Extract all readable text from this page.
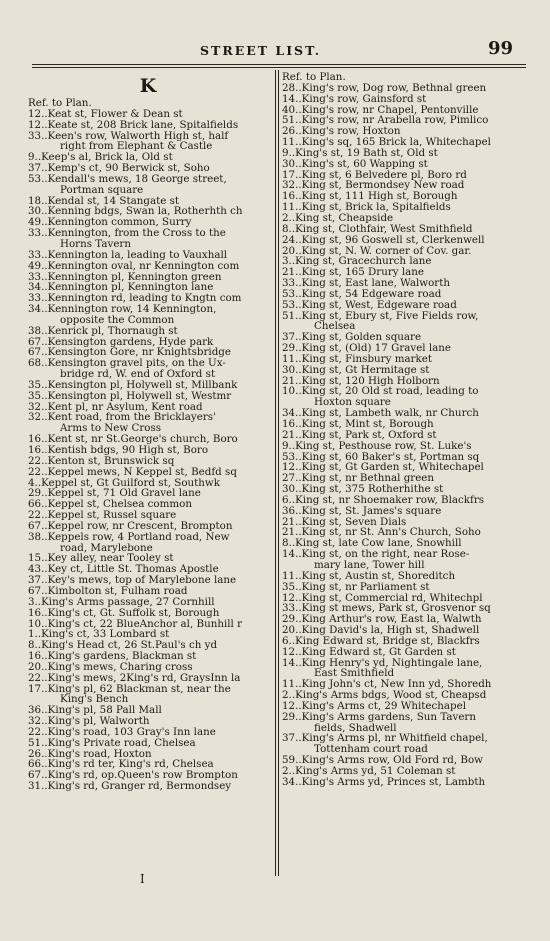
STREET LIST.	99
K
Ref. to Plan.
12..Keat st, Flower & Dean st
12..Keate st, 208 Brick lane, Spitalfields
33..Keen's row, Walworth High st, half
right from Elephant & Castle
9..Keep's al, Brick la, Old st
37..Kemp's ct, 90 Berwick st, Soho
53..Kendall's mews, 18 George street,
Portman square
18..Kendal st, 14 Stangate st
30..Kenning bdgs, Swan la, Rotherhth ch
49..Kennington common, Surry
33..Kennington, from the Cross to the
Horns Tavern
33..Kennington la, leading to Vauxhall
49..Kennington oval, nr Kennington com
33..Kennington pl, Kennington green
34..Kennington pl, Kennington lane
33..Kennington rd, leading to Kngtn com
34..Kennington row, 14 Kennington,
opposite the Common
38..Kenrick pl, Thornaugh st
67..Kensington gardens, Hyde park
67..Kensington Gore, nr Knightsbridge
68..Kensington gravel pits, on the Ux-
bridge rd, W. end of Oxford st
35..Kensington pl, Holywell st, Millbank
35..Kensington pl, Holywell st, Westmr
32..Kent pl, nr Asylum, Kent road
32..Kent road, from the Bricklayers'
Arms to New Cross
16..Kent st, nr St.George's church, Boro
16..Kentish bdgs, 90 High st, Boro
22..Kenton st, Brunswick sq
22..Keppel mews, N Keppel st, Bedfd sq
4..Keppel st, Gt Guilford st, Southwk
29..Keppel st, 71 Old Gravel lane
66..Keppel st, Chelsea common
22..Keppel st, Russel square
67..Keppel row, nr Crescent, Brompton
38..Keppels row, 4 Portland road, New
road, Marylebone
15..Key alley, near Tooley st
43..Key ct, Little St. Thomas Apostle
37..Key's mews, top of Marylebone lane
67..Kimbolton st, Fulham road
3..King's Arms passage, 27 Cornhill
16..King's ct, Gt. Suffolk st, Borough
10..King's ct, 22 BlueAnchor al, Bunhill r
1..King's ct, 33 Lombard st
8..King's Head ct, 26 St.Paul's ch yd
16..King's gardens, Blackman st
20..King's mews, Charing cross
22..King's mews, 2King's rd, GraysInn la
17..King's pl, 62 Blackman st, near the
King's Bench
36..King's pl, 58 Pall Mall
32..King's pl, Walworth
22..King's road, 103 Gray's Inn lane
51..King's Private road, Chelsea
26..King's road, Hoxton
66..King's rd ter, King's rd, Chelsea
67..King's rd, op.Queen's row Brompton
31..King's rd, Granger rd, Bermondsey
Ref. to Plan.
28..King's row, Dog row, Bethnal green
14..King's row, Gainsford st
40..King's row, nr Chapel, Pentonville
51..King's row, nr Arabella row, Pimlico
26..King's row, Hoxton
11..King's sq, 165 Brick la, Whitechapel
9..King's st, 19 Bath st, Old st
30..King's st, 60 Wapping st
17..King st, 6 Belvedere pl, Boro rd
32..King st, Bermondsey New road
16..King st, 111 High st, Borough
11..King st, Brick la, Spitalfields
2..King st, Cheapside
8..King st, Clothfair, West Smithfield
24..King st, 96 Goswell st, Clerkenwell
20..King st, N. W. corner of Cov. gar.
3..King st, Gracechurch lane
21..King st, 165 Drury lane
33..King st, East lane, Walworth
53..King st, 54 Edgeware road
53..King st, West, Edgeware road
51..King st, Ebury st, Five Fields row,
Chelsea
37..King st, Golden square
29..King st, (Old) 17 Gravel lane
11..King st, Finsbury market
30..King st, Gt Hermitage st
21..King st, 120 High Holborn
10..King st, 20 Old st road, leading to
Hoxton square
34..King st, Lambeth walk, nr Church
16..King st, Mint st, Borough
21..King st, Park st, Oxford st
9..King st, Pesthouse row, St. Luke's
53..King st, 60 Baker's st, Portman sq
12..King st, Gt Garden st, Whitechapel
27..King st, nr Bethnal green
30..King st, 375 Rotherhithe st
6..King st, nr Shoemaker row, Blackfrs
36..King st, St. James's square
21..King st, Seven Dials
21..King st, nr St. Ann's Church, Soho
8..King st, late Cow lane, Snowhill
14..King st, on the right, near Rose-
mary lane, Tower hill
11..King st, Austin st, Shoreditch
35..King st, nr Parliament st
12..King st, Commercial rd, Whitechpl
33..King st mews, Park st, Grosvenor sq
29..King Arthur's row, East la, Walwth
20..King David's la, High st, Shadwell
6..King Edward st, Bridge st, Blackfrs
12..King Edward st, Gt Garden st
14..King Henry's yd, Nightingale lane,
East Smithfield
11..King John's ct, New Inn yd, Shoredh
2..King's Arms bdgs, Wood st, Cheapsd
12..King's Arms ct, 29 Whitechapel
29..King's Arms gardens, Sun Tavern
fields, Shadwell
37..King's Arms pl, nr Whitfield chapel,
Tottenham court road
59..King's Arms row, Old Ford rd, Bow
2..King's Arms yd, 51 Coleman st
34..King's Arms yd, Princes st, Lambth
I
